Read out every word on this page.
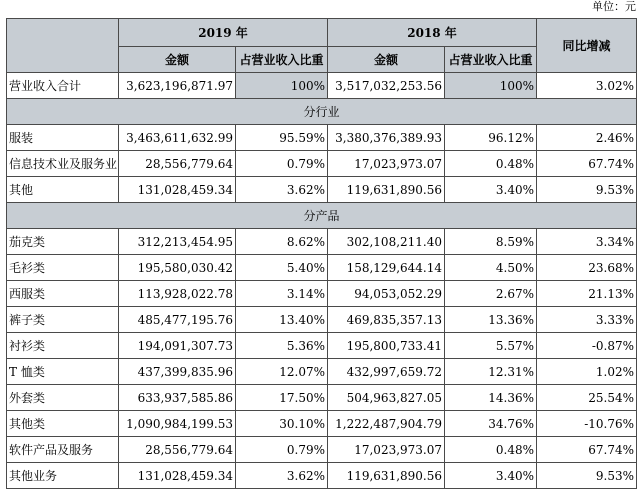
单位：元
	2019 年		2018 年		同比增减
	金额	占营业收入比重	金额	占营业收入比重	
营业收入合计	3,623,196,871.97	100%	3,517,032,253.56	100%	3.02%
分行业					
服装	3,463,611,632.99	95.59%	3,380,376,389.93	96.12%	2.46%
信息技术业及服务业	28,556,779.64	0.79%	17,023,973.07	0.48%	67.74%
其他	131,028,459.34	3.62%	119,631,890.56	3.40%	9.53%
分产品					
茄克类	312,213,454.95	8.62%	302,108,211.40	8.59%	3.34%
毛衫类	195,580,030.42	5.40%	158,129,644.14	4.50%	23.68%
西服类	113,928,022.78	3.14%	94,053,052.29	2.67%	21.13%
裤子类	485,477,195.76	13.40%	469,835,357.13	13.36%	3.33%
衬衫类	194,091,307.73	5.36%	195,800,733.41	5.57%	-0.87%
T 恤类	437,399,835.96	12.07%	432,997,659.72	12.31%	1.02%
外套类	633,937,585.86	17.50%	504,963,827.05	14.36%	25.54%
其他类	1,090,984,199.53	30.10%	1,222,487,904.79	34.76%	-10.76%
软件产品及服务	28,556,779.64	0.79%	17,023,973.07	0.48%	67.74%
其他业务	131,028,459.34	3.62%	119,631,890.56	3.40%	9.53%
